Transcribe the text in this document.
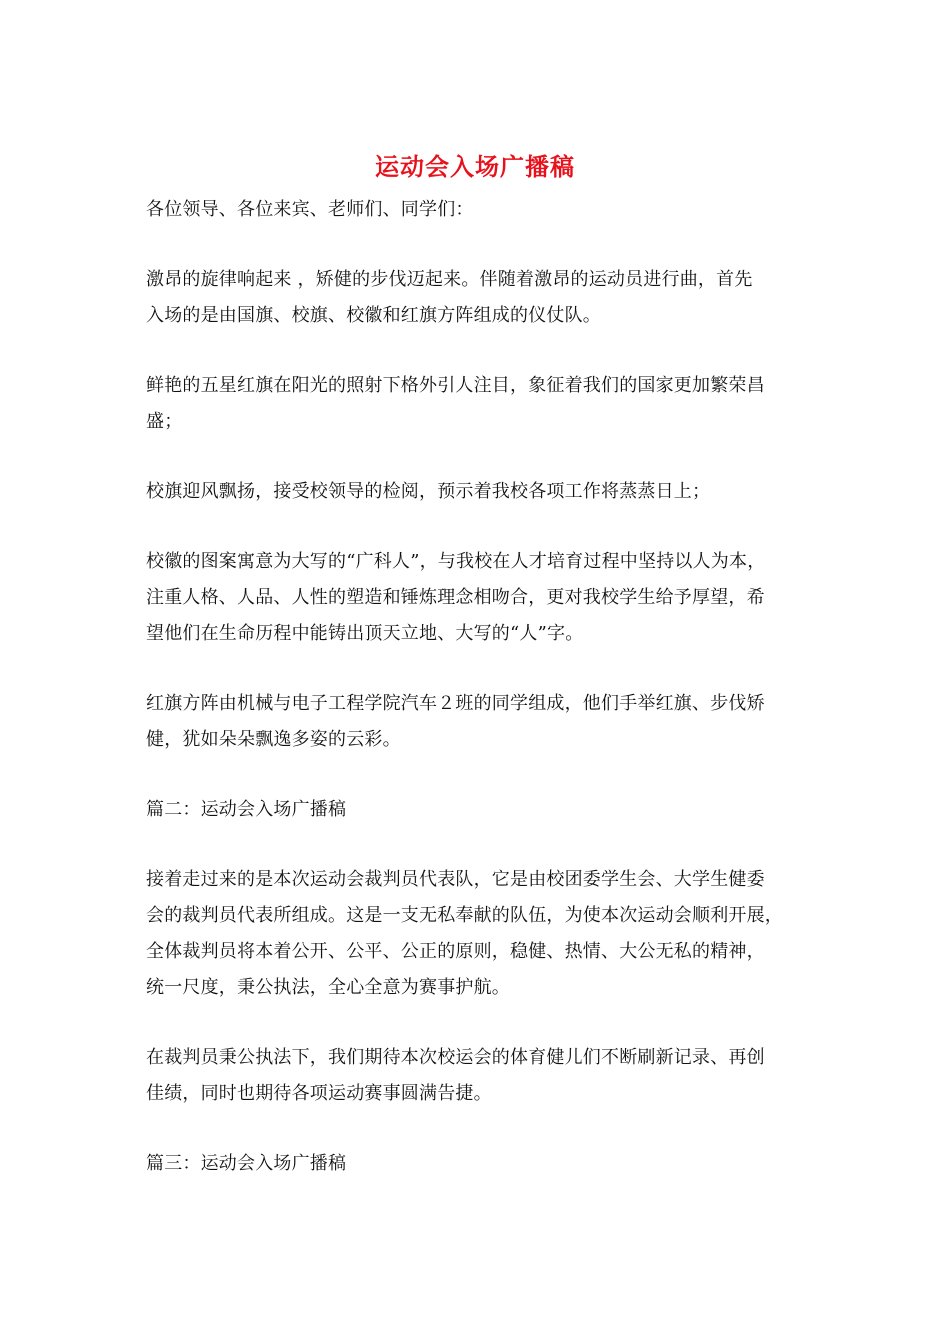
运动会入场广播稿
各位领导、各位来宾、老师们、同学们：
激昂的旋律响起来 ，矫健的步伐迈起来。伴随着激昂的运动员进行曲，首先
入场的是由国旗、校旗、校徽和红旗方阵组成的仪仗队。
鲜艳的五星红旗在阳光的照射下格外引人注目，象征着我们的国家更加繁荣昌
盛；
校旗迎风飘扬，接受校领导的检阅，预示着我校各项工作将蒸蒸日上；
校徽的图案寓意为大写的“广科人”，与我校在人才培育过程中坚持以人为本，
注重人格、人品、人性的塑造和锤炼理念相吻合，更对我校学生给予厚望，希
望他们在生命历程中能铸出顶天立地、大写的“人”字。
红旗方阵由机械与电子工程学院汽车２班的同学组成，他们手举红旗、步伐矫
健，犹如朵朵飘逸多姿的云彩。
篇二：运动会入场广播稿
接着走过来的是本次运动会裁判员代表队，它是由校团委学生会、大学生健委
会的裁判员代表所组成。这是一支无私奉献的队伍，为使本次运动会顺利开展，
全体裁判员将本着公开、公平、公正的原则，稳健、热情、大公无私的精神，
统一尺度，秉公执法，全心全意为赛事护航。
在裁判员秉公执法下，我们期待本次校运会的体育健儿们不断刷新记录、再创
佳绩，同时也期待各项运动赛事圆满告捷。
篇三：运动会入场广播稿
